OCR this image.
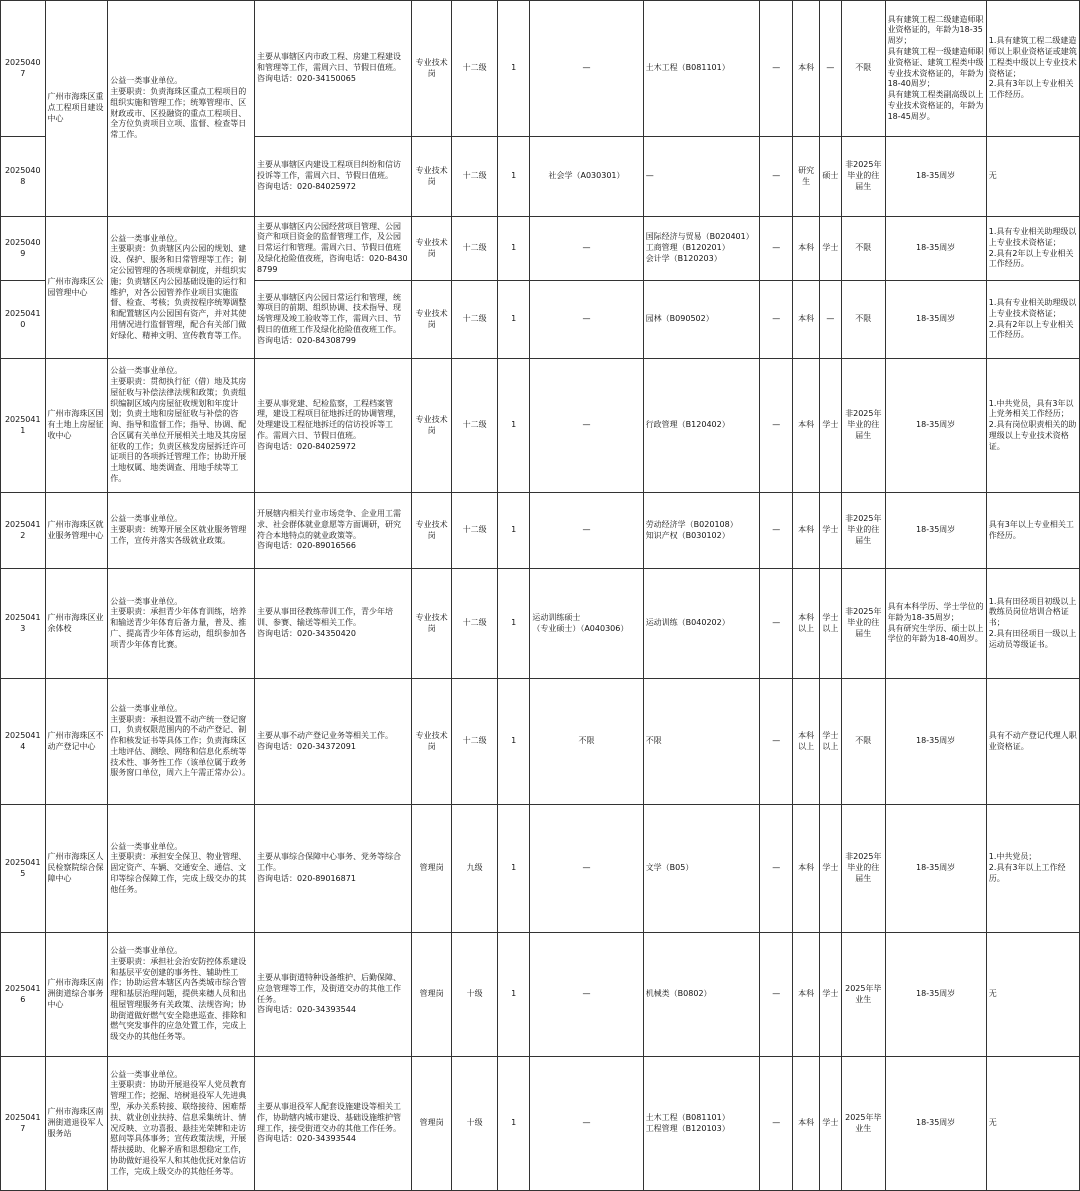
20250407	广州市海珠区重点工程项目建设中心	公益一类事业单位。
主要职责：负责海珠区重点工程项目的组织实施和管理工作；统筹管理市、区财政或市、区投融资的重点工程项目、全方位负责项目立项、监督、检查等日常工作。	主要从事辖区内市政工程、房建工程建设和管理等工作，需周六日、节假日值班。
咨询电话：020-34150065	专业技术岗	十二级	1	—	土木工程（B081101）	—	本科	—	不限	具有建筑工程二级建造师职业资格证的，年龄为18-35周岁；
具有建筑工程一级建造师职业资格证、建筑工程类中级专业技术资格证的，年龄为18-40周岁；
具有建筑工程类副高级以上专业技术资格证的，年龄为18-45周岁。	1.具有建筑工程二级建造师以上职业资格证或建筑工程类中级以上专业技术资格证；
2.具有3年以上专业相关工作经历。
20250408			主要从事辖区内建设工程项目纠纷和信访投诉等工作，需周六日、节假日值班。
咨询电话：020-84025972	专业技术岗	十二级	1	社会学（A030301）	—	—	研究生	硕士	非2025年毕业的往届生	18-35周岁	无
20250409	广州市海珠区公园管理中心	公益一类事业单位。
主要职责：负责辖区内公园的规划、建设、保护、服务和日常管理等工作；制定公园管理的各项规章制度，并组织实施；负责辖区内公园基础设施的运行和维护，对各公园管养作业项目实施监督、检查、考核；负责按程序统筹调整和配置辖区内公园国有资产，并对其使用情况进行监督管理，配合有关部门做好绿化、精神文明、宣传教育等工作。	主要从事辖区内公园经营项目管理、公园资产和项目资金的监督管理工作，及公园日常运行和管理。需周六日、节假日值班及绿化抢险值夜班，咨询电话：020-84308799	专业技术岗	十二级	1	—	国际经济与贸易（B020401）
工商管理（B120201）
会计学（B120203）	—	本科	学士	不限	18-35周岁	1.具有专业相关助理级以上专业技术资格证；
2.具有2年以上专业相关工作经历。
20250410			主要从事辖区内公园日常运行和管理，统筹项目的前期、组织协调、技术指导、现场管理及竣工验收等工作，需周六日、节假日的值班工作及绿化抢险值夜班工作。咨询电话：020-84308799	专业技术岗	十二级	1	—	园林（B090502）	—	本科	—	不限	18-35周岁	1.具有专业相关助理级以上专业技术资格证；
2.具有2年以上专业相关工作经历。
20250411	广州市海珠区国有土地上房屋征收中心	公益一类事业单位。
主要职责：贯彻执行征（借）地及其房屋征收与补偿法律法规和政策；负责组织编制区域内房屋征收规划和年度计划；负责土地和房屋征收与补偿的咨询、指导和监督工作；指导、协调、配合区属有关单位开展相关土地及其房屋征收的工作；负责区核发房屋拆迁许可证项目的各项拆迁管理工作；协助开展土地权属、地类调查、用地手续等工作。	主要从事党建、纪检监察，工程档案管理，建设工程项目征地拆迁的协调管理，处理建设工程征地拆迁的信访投诉等工作。需周六日、节假日值班。
咨询电话：020-84025972	专业技术岗	十二级	1	—	行政管理（B120402）	—	本科	学士	非2025年毕业的往届生	18-35周岁	1.中共党员，具有3年以上党务相关工作经历；
2.具有岗位职责相关的助理级以上专业技术资格证。
20250412	广州市海珠区就业服务管理中心	公益一类事业单位。
主要职责：统筹开展全区就业服务管理工作，宣传并落实各级就业政策。	开展辖内相关行业市场竞争、企业用工需求、社会群体就业意愿等方面调研，研究符合本地特点的就业政策等。
咨询电话：020-89016566	专业技术岗	十二级	1	—	劳动经济学（B020108）
知识产权（B030102）	—	本科	学士	非2025年毕业的往届生	18-35周岁	具有3年以上专业相关工作经历。
20250413	广州市海珠区业余体校	公益一类事业单位。
主要职责：承担青少年体育训练，培养和输送青少年体育后备力量，普及、推广、提高青少年体育运动，组织参加各项青少年体育比赛。	主要从事田径教练带训工作，青少年培训、参赛、输送等相关工作。
咨询电话：020-34350420	专业技术岗	十二级	1	运动训练硕士
（专业硕士）（A040306）	运动训练（B040202）	—	本科以上	学士以上	非2025年毕业的往届生	具有本科学历、学士学位的年龄为18-35周岁；
具有研究生学历、硕士以上学位的年龄为18-40周岁。	1.具有田径项目初级以上教练员岗位培训合格证书；
2.具有田径项目一级以上运动员等级证书。
20250414	广州市海珠区不动产登记中心	公益一类事业单位。
主要职责：承担设置不动产统一登记窗口，负责权限范围内的不动产登记、制作和核发证书等具体工作；负责海珠区土地评估、测绘、网络和信息化系统等技术性、事务性工作（该单位属于政务服务窗口单位，周六上午需正常办公）。	主要从事不动产登记业务等相关工作。
咨询电话：020-34372091	专业技术岗	十二级	1	不限	不限	—	本科以上	学士以上	不限	18-35周岁	具有不动产登记代理人职业资格证。
20250415	广州市海珠区人民检察院综合保障中心	公益一类事业单位。
主要职责：承担安全保卫、物业管理、固定资产、车辆、交通安全、通信、文印等综合保障工作，完成上级交办的其他任务。	主要从事综合保障中心事务、党务等综合工作。
咨询电话：020-89016871	管理岗	九级	1	—	文学（B05）	—	本科	学士	非2025年毕业的往届生	18-35周岁	1.中共党员；
2.具有3年以上工作经历。
20250416	广州市海珠区南洲街道综合事务中心	公益一类事业单位。
主要职责：承担社会治安防控体系建设和基层平安创建的事务性、辅助性工作；协助运营本辖区内各类城市综合管理和基层治理问题，提供来穗人员和出租屋管理服务有关政策、法规咨询；协助街道做好燃气安全隐患巡查、排除和燃气突发事件的应急处置工作，完成上级交办的其他任务等。	主要从事街道特种设备维护、后勤保障、应急管理等工作，及街道交办的其他工作任务。
咨询电话：020-34393544	管理岗	十级	1	—	机械类（B0802）	—	本科	学士	2025年毕业生	18-35周岁	无
20250417	广州市海珠区南洲街道退役军人服务站	公益一类事业单位。
主要职责：协助开展退役军人党员教育管理工作；挖掘、培树退役军人先进典型，承办关系转接、联络接待、困难帮扶、就业创业扶持、信息采集统计、情况反映、立功喜报、悬挂光荣牌和走访慰问等具体事务；宣传政策法规，开展帮扶援助、化解矛盾和思想稳定工作，协助做好退役军人和其他优抚对象信访工作，完成上级交办的其他任务等。	主要从事退役军人配套设施建设等相关工作，协助辖内城市建设、基础设施维护管理工作，接受街道交办的其他工作任务。
咨询电话：020-34393544	管理岗	十级	1	—	土木工程（B081101）
工程管理（B120103）	—	本科	学士	2025年毕业生	18-35周岁	无
